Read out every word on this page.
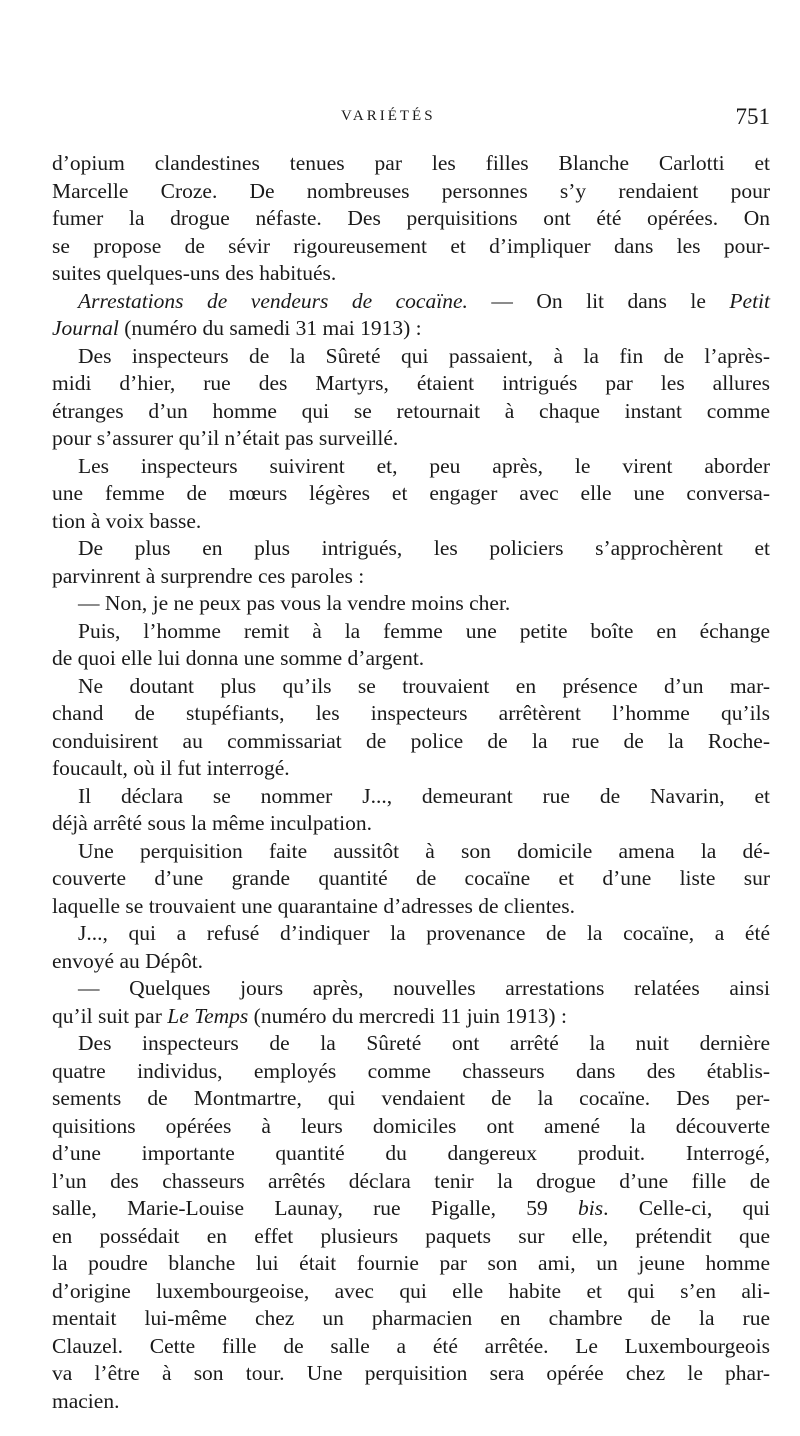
VARIÉTÉS	751
d’opium clandestines tenues par les filles Blanche Carlotti et
Marcelle Croze. De nombreuses personnes s’y rendaient pour
fumer la drogue néfaste. Des perquisitions ont été opérées. On
se propose de sévir rigoureusement et d’impliquer dans les pour-
suites quelques-uns des habitués.
Arrestations de vendeurs de cocaïne. — On lit dans le Petit
Journal (numéro du samedi 31 mai 1913) :
Des inspecteurs de la Sûreté qui passaient, à la fin de l’après-
midi d’hier, rue des Martyrs, étaient intrigués par les allures
étranges d’un homme qui se retournait à chaque instant comme
pour s’assurer qu’il n’était pas surveillé.
Les inspecteurs suivirent et, peu après, le virent aborder
une femme de mœurs légères et engager avec elle une conversa-
tion à voix basse.
De plus en plus intrigués, les policiers s’approchèrent et
parvinrent à surprendre ces paroles :
— Non, je ne peux pas vous la vendre moins cher.
Puis, l’homme remit à la femme une petite boîte en échange
de quoi elle lui donna une somme d’argent.
Ne doutant plus qu’ils se trouvaient en présence d’un mar-
chand de stupéfiants, les inspecteurs arrêtèrent l’homme qu’ils
conduisirent au commissariat de police de la rue de la Roche-
foucault, où il fut interrogé.
Il déclara se nommer J..., demeurant rue de Navarin, et
déjà arrêté sous la même inculpation.
Une perquisition faite aussitôt à son domicile amena la dé-
couverte d’une grande quantité de cocaïne et d’une liste sur
laquelle se trouvaient une quarantaine d’adresses de clientes.
J..., qui a refusé d’indiquer la provenance de la cocaïne, a été
envoyé au Dépôt.
— Quelques jours après, nouvelles arrestations relatées ainsi
qu’il suit par Le Temps (numéro du mercredi 11 juin 1913) :
Des inspecteurs de la Sûreté ont arrêté la nuit dernière
quatre individus, employés comme chasseurs dans des établis-
sements de Montmartre, qui vendaient de la cocaïne. Des per-
quisitions opérées à leurs domiciles ont amené la découverte
d’une importante quantité du dangereux produit. Interrogé,
l’un des chasseurs arrêtés déclara tenir la drogue d’une fille de
salle, Marie-Louise Launay, rue Pigalle, 59 bis. Celle-ci, qui
en possédait en effet plusieurs paquets sur elle, prétendit que
la poudre blanche lui était fournie par son ami, un jeune homme
d’origine luxembourgeoise, avec qui elle habite et qui s’en ali-
mentait lui-même chez un pharmacien en chambre de la rue
Clauzel. Cette fille de salle a été arrêtée. Le Luxembourgeois
va l’être à son tour. Une perquisition sera opérée chez le phar-
macien.
